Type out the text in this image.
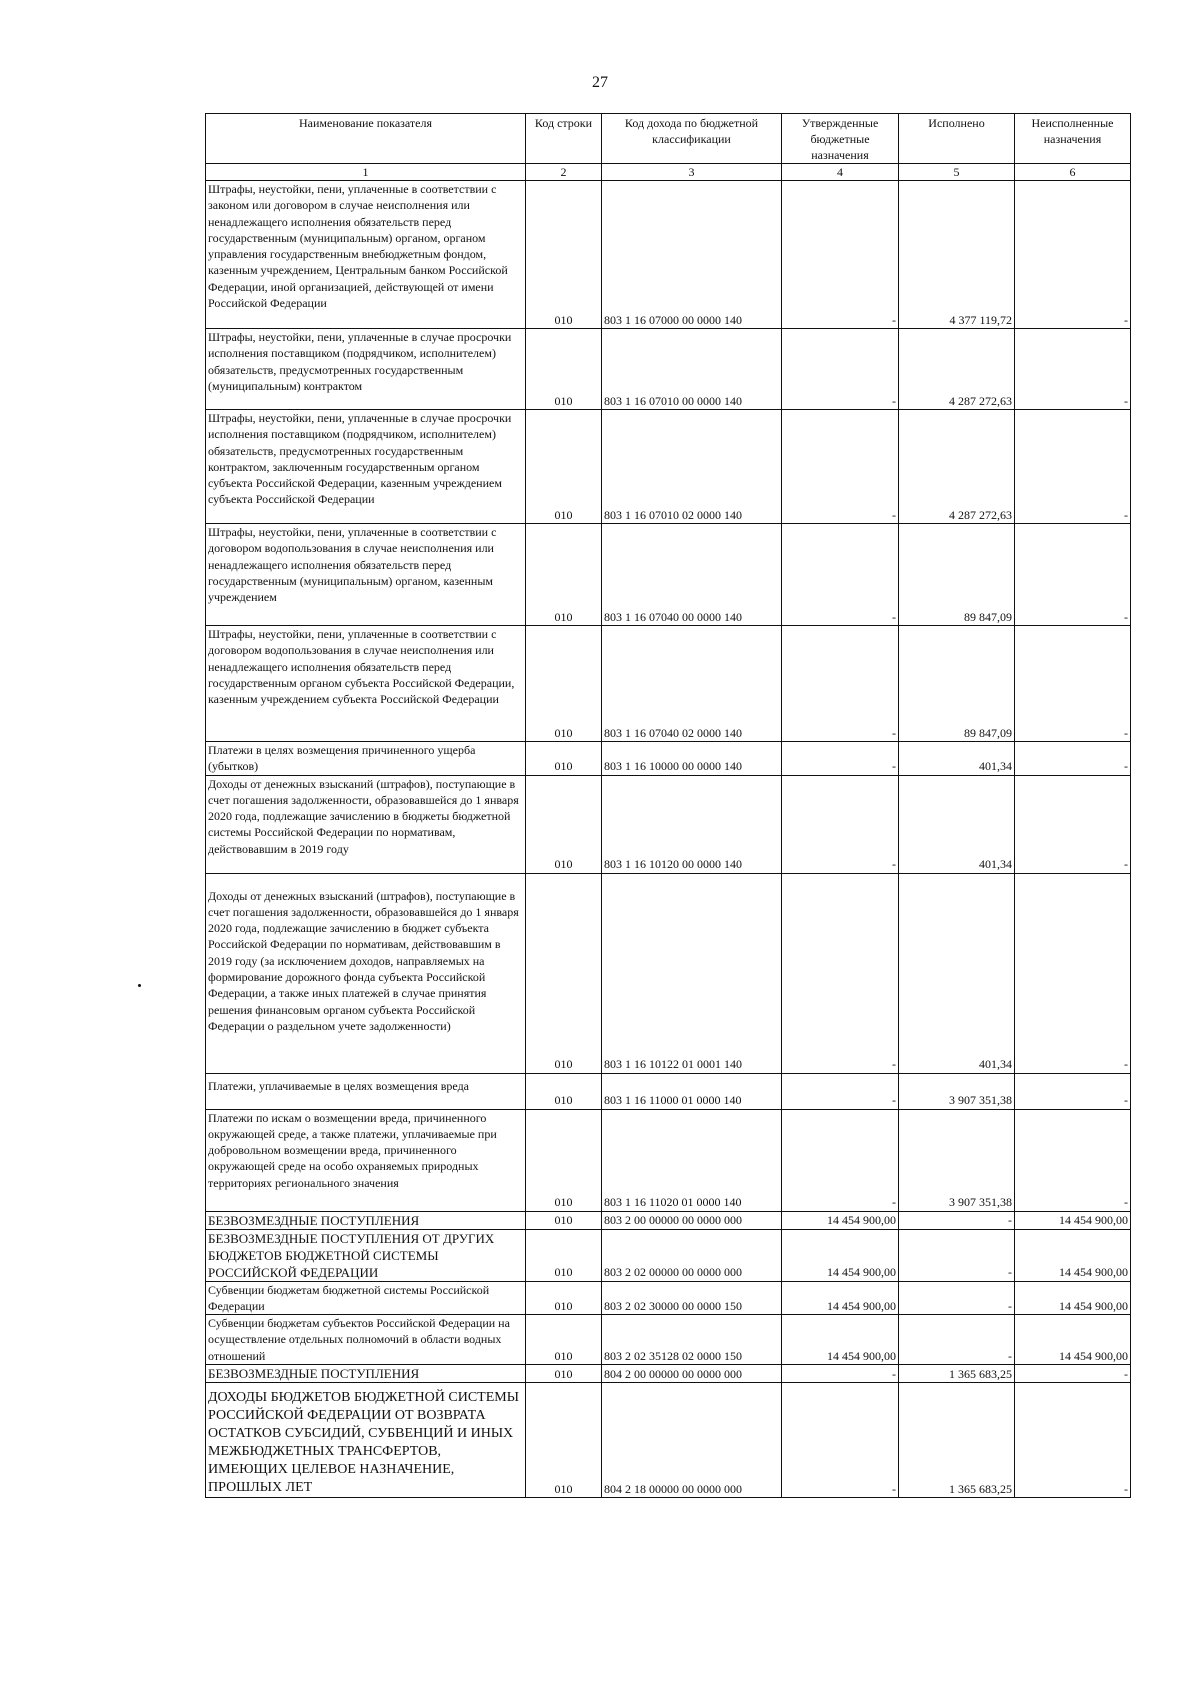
27
Наименование показателя	Код строки	Код дохода по бюджетной классификации	Утвержденные бюджетные назначения	Исполнено	Неисполненные назначения
1	2	3	4	5	6
Штрафы, неустойки, пени, уплаченные в соответствии с законом или договором в случае неисполнения или ненадлежащего исполнения обязательств перед государственным (муниципальным) органом, органом управления государственным внебюджетным фондом, казенным учреждением, Центральным банком Российской Федерации, иной организацией, действующей от имени Российской Федерации	010	803 1 16 07000 00 0000 140	-	4 377 119,72	-
Штрафы, неустойки, пени, уплаченные в случае просрочки исполнения поставщиком (подрядчиком, исполнителем) обязательств, предусмотренных государственным (муниципальным) контрактом	010	803 1 16 07010 00 0000 140	-	4 287 272,63	-
Штрафы, неустойки, пени, уплаченные в случае просрочки исполнения поставщиком (подрядчиком, исполнителем) обязательств, предусмотренных государственным контрактом, заключенным государственным органом субъекта Российской Федерации, казенным учреждением субъекта Российской Федерации	010	803 1 16 07010 02 0000 140	-	4 287 272,63	-
Штрафы, неустойки, пени, уплаченные в соответствии с договором водопользования в случае неисполнения или ненадлежащего исполнения обязательств перед государственным (муниципальным) органом, казенным учреждением	010	803 1 16 07040 00 0000 140	-	89 847,09	-
Штрафы, неустойки, пени, уплаченные в соответствии с договором водопользования в случае неисполнения или ненадлежащего исполнения обязательств перед государственным органом субъекта Российской Федерации, казенным учреждением субъекта Российской Федерации	010	803 1 16 07040 02 0000 140	-	89 847,09	-
Платежи в целях возмещения причиненного ущерба (убытков)	010	803 1 16 10000 00 0000 140	-	401,34	-
Доходы от денежных взысканий (штрафов), поступающие в счет погашения задолженности, образовавшейся до 1 января 2020 года, подлежащие зачислению в бюджеты бюджетной системы Российской Федерации по нормативам, действовавшим в 2019 году	010	803 1 16 10120 00 0000 140	-	401,34	-
Доходы от денежных взысканий (штрафов), поступающие в счет погашения задолженности, образовавшейся до 1 января 2020 года, подлежащие зачислению в бюджет субъекта Российской Федерации по нормативам, действовавшим в 2019 году (за исключением доходов, направляемых на формирование дорожного фонда субъекта Российской Федерации, а также иных платежей в случае принятия решения финансовым органом субъекта Российской Федерации о раздельном учете задолженности)	010	803 1 16 10122 01 0001 140	-	401,34	-
Платежи, уплачиваемые в целях возмещения вреда	010	803 1 16 11000 01 0000 140	-	3 907 351,38	-
Платежи по искам о возмещении вреда, причиненного окружающей среде, а также платежи, уплачиваемые при добровольном возмещении вреда, причиненного окружающей среде на особо охраняемых природных территориях регионального значения	010	803 1 16 11020 01 0000 140	-	3 907 351,38	-
БЕЗВОЗМЕЗДНЫЕ ПОСТУПЛЕНИЯ	010	803 2 00 00000 00 0000 000	14 454 900,00	-	14 454 900,00
БЕЗВОЗМЕЗДНЫЕ ПОСТУПЛЕНИЯ ОТ ДРУГИХ БЮДЖЕТОВ БЮДЖЕТНОЙ СИСТЕМЫ РОССИЙСКОЙ ФЕДЕРАЦИИ	010	803 2 02 00000 00 0000 000	14 454 900,00	-	14 454 900,00
Субвенции бюджетам бюджетной системы Российской Федерации	010	803 2 02 30000 00 0000 150	14 454 900,00	-	14 454 900,00
Субвенции бюджетам субъектов Российской Федерации на осуществление отдельных полномочий в области водных отношений	010	803 2 02 35128 02 0000 150	14 454 900,00	-	14 454 900,00
БЕЗВОЗМЕЗДНЫЕ ПОСТУПЛЕНИЯ	010	804 2 00 00000 00 0000 000	-	1 365 683,25	-
ДОХОДЫ БЮДЖЕТОВ БЮДЖЕТНОЙ СИСТЕМЫ РОССИЙСКОЙ ФЕДЕРАЦИИ ОТ ВОЗВРАТА ОСТАТКОВ СУБСИДИЙ, СУБВЕНЦИЙ И ИНЫХ МЕЖБЮДЖЕТНЫХ ТРАНСФЕРТОВ, ИМЕЮЩИХ ЦЕЛЕВОЕ НАЗНАЧЕНИЕ, ПРОШЛЫХ ЛЕТ	010	804 2 18 00000 00 0000 000	-	1 365 683,25	-
